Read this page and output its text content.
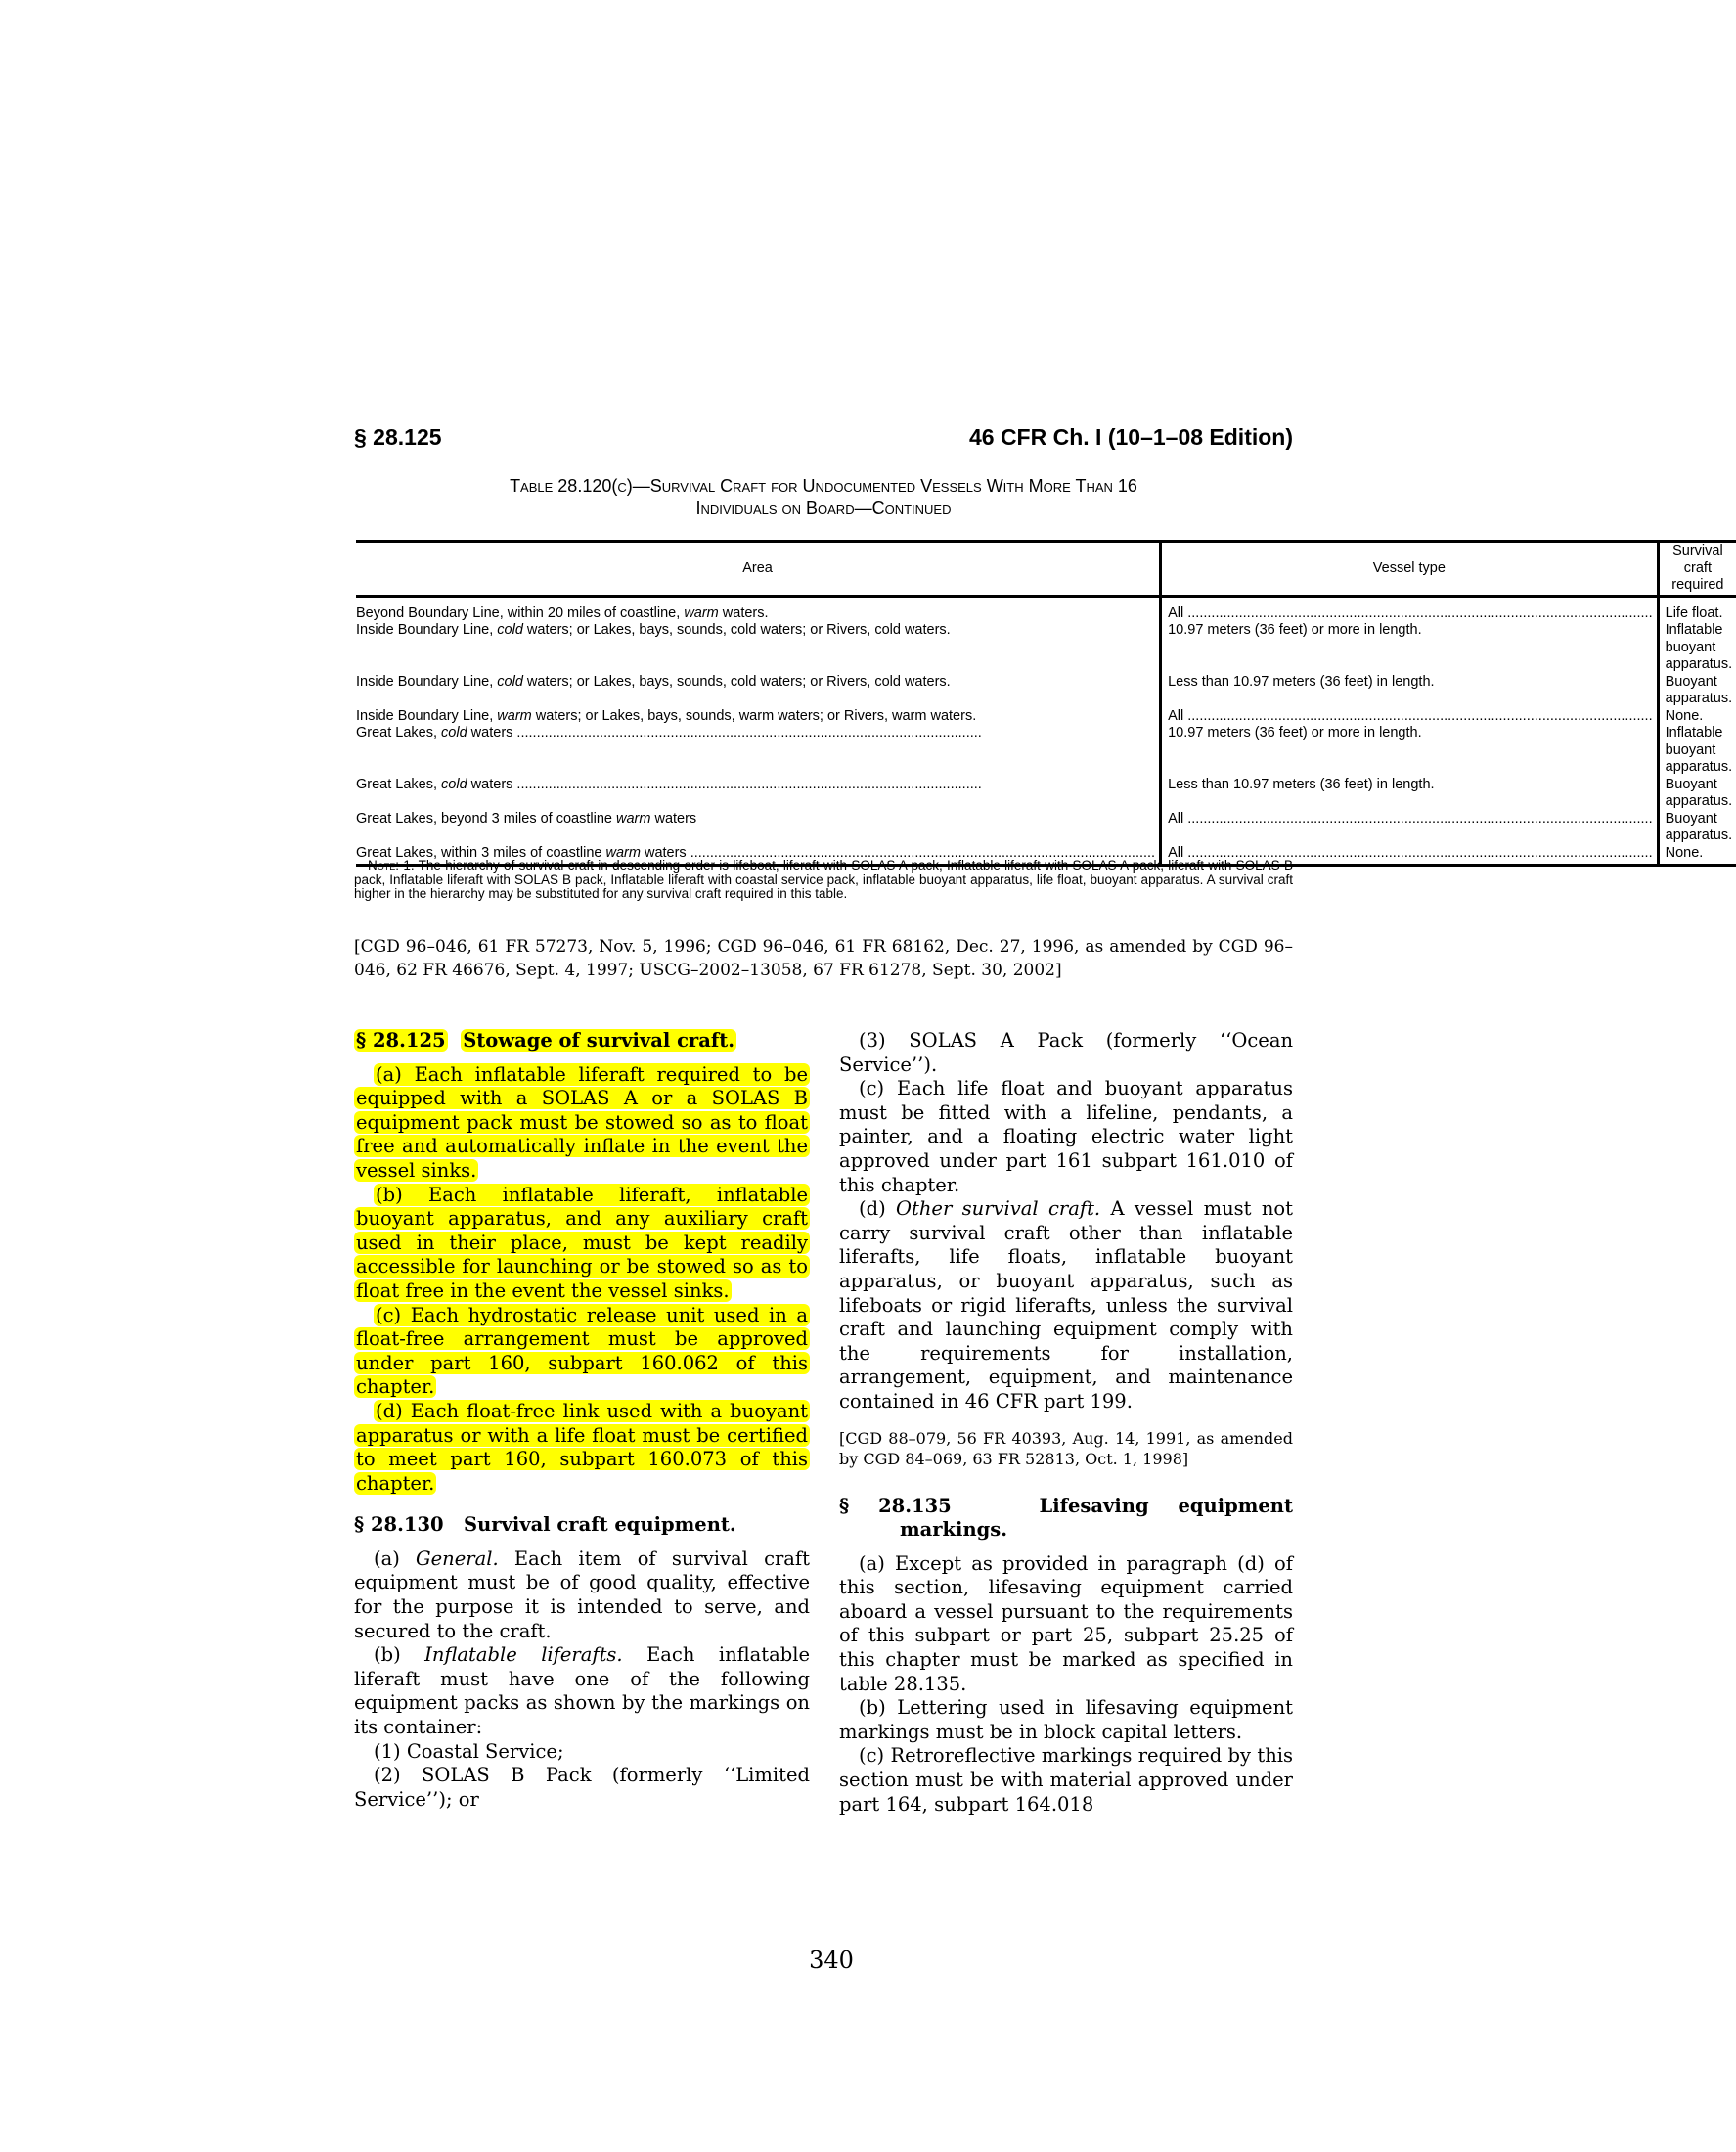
§ 28.125	46 CFR Ch. I (10–1–08 Edition)
Table 28.120(c)—Survival Craft for Undocumented Vessels With More Than 16
Individuals on Board—Continued
Area	Vessel type	Survival craft required

Beyond Boundary Line, within 20 miles of coastline, warm waters.	All .....	Life float.

Inside Boundary Line, cold waters; or Lakes, bays, sounds, cold waters; or Rivers, cold waters.	10.97 meters (36 feet) or more in length.	Inflatable buoyant apparatus.

Inside Boundary Line, cold waters; or Lakes, bays, sounds, cold waters; or Rivers, cold waters.	Less than 10.97 meters (36 feet) in length.	Buoyant apparatus.

Inside Boundary Line, warm waters; or Lakes, bays, sounds, warm waters; or Rivers, warm waters.	All .....	None.

Great Lakes, cold waters .....	10.97 meters (36 feet) or more in length.	Inflatable buoyant apparatus.

Great Lakes, cold waters .....	Less than 10.97 meters (36 feet) in length.	Buoyant apparatus.

Great Lakes, beyond 3 miles of coastline warm waters	All .....	Buoyant apparatus.

Great Lakes, within 3 miles of coastline warm waters .....	All .....	None.
Note: 1. The hierarchy of survival craft in descending order is lifeboat, liferaft with SOLAS A pack, Inflatable liferaft with SOLAS A pack, liferaft with SOLAS B pack, Inflatable liferaft with SOLAS B pack, Inflatable liferaft with coastal service pack, inflatable buoyant apparatus, life float, buoyant apparatus. A survival craft higher in the hierarchy may be substituted for any survival craft required in this table.
[CGD 96–046, 61 FR 57273, Nov. 5, 1996; CGD 96–046, 61 FR 68162, Dec. 27, 1996, as amended by CGD 96–046, 62 FR 46676, Sept. 4, 1997; USCG–2002–13058, 67 FR 61278, Sept. 30, 2002]

§ 28.125 Stowage of survival craft.

(a) Each inflatable liferaft required to be equipped with a SOLAS A or a SOLAS B equipment pack must be stowed so as to float free and automatically inflate in the event the vessel sinks.

(b) Each inflatable liferaft, inflatable buoyant apparatus, and any auxiliary craft used in their place, must be kept readily accessible for launching or be stowed so as to float free in the event the vessel sinks.

(c) Each hydrostatic release unit used in a float-free arrangement must be approved under part 160, subpart 160.062 of this chapter.

(d) Each float-free link used with a buoyant apparatus or with a life float must be certified to meet part 160, subpart 160.073 of this chapter.

§ 28.130 Survival craft equipment.

(a) General. Each item of survival craft equipment must be of good quality, effective for the purpose it is intended to serve, and secured to the craft.

(b) Inflatable liferafts. Each inflatable liferaft must have one of the following equipment packs as shown by the markings on its container:

(1) Coastal Service;

(2) SOLAS B Pack (formerly ‘‘Limited Service’’); or

(3) SOLAS A Pack (formerly ‘‘Ocean Service’’).

(c) Each life float and buoyant apparatus must be fitted with a lifeline, pendants, a painter, and a floating electric water light approved under part 161 subpart 161.010 of this chapter.

(d) Other survival craft. A vessel must not carry survival craft other than inflatable liferafts, life floats, inflatable buoyant apparatus, or buoyant apparatus, such as lifeboats or rigid liferafts, unless the survival craft and launching equipment comply with the requirements for installation, arrangement, equipment, and maintenance contained in 46 CFR part 199.

[CGD 88–079, 56 FR 40393, Aug. 14, 1991, as amended by CGD 84–069, 63 FR 52813, Oct. 1, 1998]

§ 28.135	Lifesaving equipment markings.

(a) Except as provided in paragraph (d) of this section, lifesaving equipment carried aboard a vessel pursuant to the requirements of this subpart or part 25, subpart 25.25 of this chapter must be marked as specified in table 28.135.

(b) Lettering used in lifesaving equipment markings must be in block capital letters.

(c) Retroreflective markings required by this section must be with material approved under part 164, subpart 164.018

340
